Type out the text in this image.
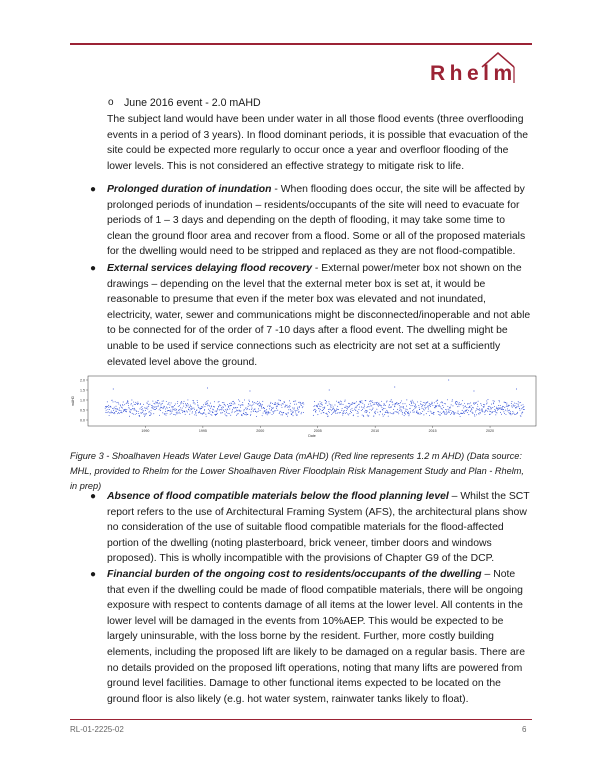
Rhelm
o June 2016 event - 2.0 mAHD
The subject land would have been under water in all those flood events (three overflooding events in a period of 3 years). In flood dominant periods, it is possible that evacuation of the site could be expected more regularly to occur once a year and overfloor flooding of the lower levels. This is not considered an effective strategy to mitigate risk to life.
● Prolonged duration of inundation - When flooding does occur, the site will be affected by prolonged periods of inundation – residents/occupants of the site will need to evacuate for periods of 1 – 3 days and depending on the depth of flooding, it may take some time to clean the ground floor area and recover from a flood. Some or all of the proposed materials for the dwelling would need to be stripped and replaced as they are not flood-compatible.
● External services delaying flood recovery - External power/meter box not shown on the drawings – depending on the level that the external meter box is set at, it would be reasonable to presume that even if the meter box was elevated and not inundated, electricity, water, sewer and communications might be disconnected/inoperable and not able to be connected for of the order of 7 -10 days after a flood event. The dwelling might be unable to be used if service connections such as electricity are not set at a sufficiently elevated level above the ground.
0.0
0.5
1.0
1.5
2.0
1990	1995	2000	2005	2010	2015	2020
Date
mAHD
Figure 3 - Shoalhaven Heads Water Level Gauge Data (mAHD) (Red line represents 1.2 m AHD) (Data source: MHL, provided to Rhelm for the Lower Shoalhaven River Floodplain Risk Management Study and Plan - Rhelm, in prep)
● Absence of flood compatible materials below the flood planning level – Whilst the SCT report refers to the use of Architectural Framing System (AFS), the architectural plans show no consideration of the use of suitable flood compatible materials for the flood-affected portion of the dwelling (noting plasterboard, brick veneer, timber doors and windows proposed). This is wholly incompatible with the provisions of Chapter G9 of the DCP.
● Financial burden of the ongoing cost to residents/occupants of the dwelling – Note that even if the dwelling could be made of flood compatible materials, there will be ongoing exposure with respect to contents damage of all items at the lower level. All contents in the lower level will be damaged in the events from 10%AEP. This would be expected to be largely uninsurable, with the loss borne by the resident. Further, more costly building elements, including the proposed lift are likely to be damaged on a regular basis. There are no details provided on the proposed lift operations, noting that many lifts are powered from ground level facilities. Damage to other functional items expected to be located on the ground floor is also likely (e.g. hot water system, rainwater tanks likely to float).
RL-01-2225-02	6
